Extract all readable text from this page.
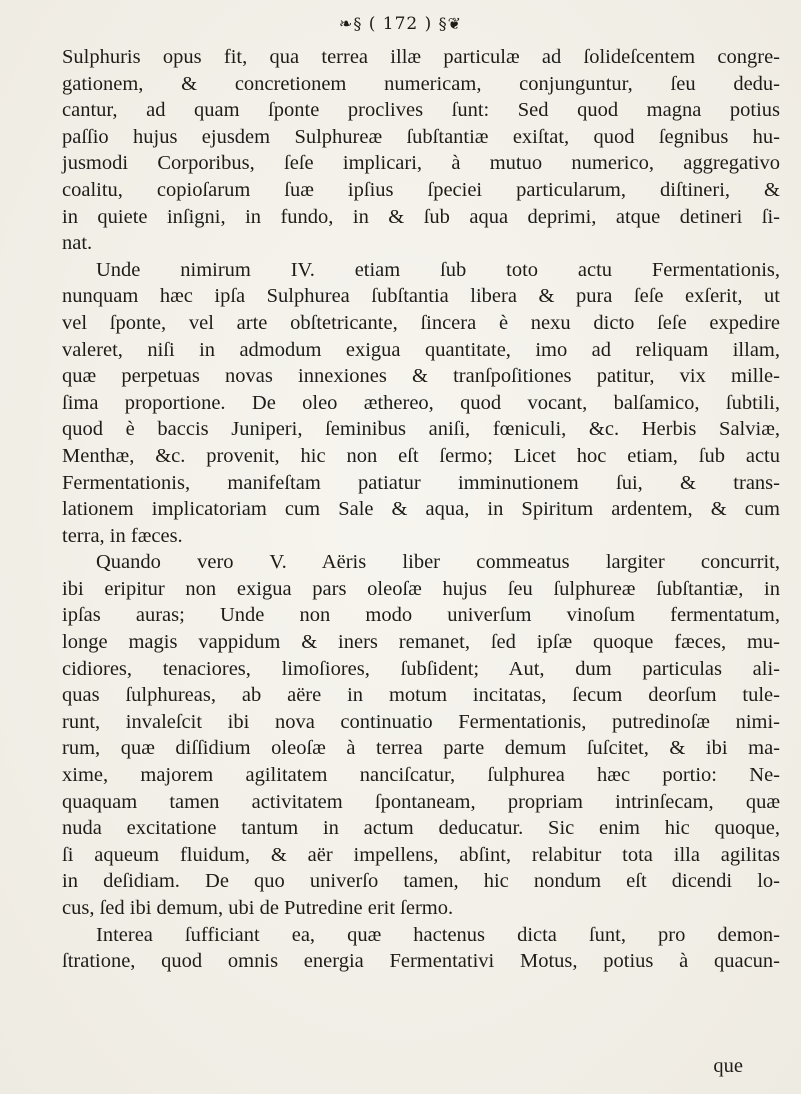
❧§ ( 172 ) §❦
Sulphuris opus fit, qua terrea illæ particulæ ad ſolideſcentem congre-
gationem, & concretionem numericam, conjunguntur, ſeu dedu-
cantur, ad quam ſponte proclives ſunt: Sed quod magna potius
paſſio hujus ejusdem Sulphureæ ſubſtantiæ exiſtat, quod ſegnibus hu-
jusmodi Corporibus, ſeſe implicari, à mutuo numerico, aggregativo
coalitu, copioſarum ſuæ ipſius ſpeciei particularum, diſtineri, &
in quiete inſigni, in fundo, in & ſub aqua deprimi, atque detineri ſi-
nat.
Unde nimirum IV. etiam ſub toto actu Fermentationis,
nunquam hæc ipſa Sulphurea ſubſtantia libera & pura ſeſe exſerit, ut
vel ſponte, vel arte obſtetricante, ſincera è nexu dicto ſeſe expedire
valeret, niſi in admodum exigua quantitate, imo ad reliquam illam,
quæ perpetuas novas innexiones & tranſpoſitiones patitur, vix mille-
ſima proportione. De oleo æthereo, quod vocant, balſamico, ſubtili,
quod è baccis Juniperi, ſeminibus aniſi, fœniculi, &c. Herbis Salviæ,
Menthæ, &c. provenit, hic non eſt ſermo; Licet hoc etiam, ſub actu
Fermentationis, manifeſtam patiatur imminutionem ſui, & trans-
lationem implicatoriam cum Sale & aqua, in Spiritum ardentem, & cum
terra, in fæces.
Quando vero V. Aëris liber commeatus largiter concurrit,
ibi eripitur non exigua pars oleoſæ hujus ſeu ſulphureæ ſubſtantiæ, in
ipſas auras; Unde non modo univerſum vinoſum fermentatum,
longe magis vappidum & iners remanet, ſed ipſæ quoque fæces, mu-
cidiores, tenaciores, limoſiores, ſubſident; Aut, dum particulas ali-
quas ſulphureas, ab aëre in motum incitatas, ſecum deorſum tule-
runt, invaleſcit ibi nova continuatio Fermentationis, putredinoſæ nimi-
rum, quæ diſſidium oleoſæ à terrea parte demum ſuſcitet, & ibi ma-
xime, majorem agilitatem nanciſcatur, ſulphurea hæc portio: Ne-
quaquam tamen activitatem ſpontaneam, propriam intrinſecam, quæ
nuda excitatione tantum in actum deducatur. Sic enim hic quoque,
ſi aqueum fluidum, & aër impellens, abſint, relabitur tota illa agilitas
in deſidiam. De quo univerſo tamen, hic nondum eſt dicendi lo-
cus, ſed ibi demum, ubi de Putredine erit ſermo.
Interea ſufficiant ea, quæ hactenus dicta ſunt, pro demon-
ſtratione, quod omnis energia Fermentativi Motus, potius à quacun-
que
